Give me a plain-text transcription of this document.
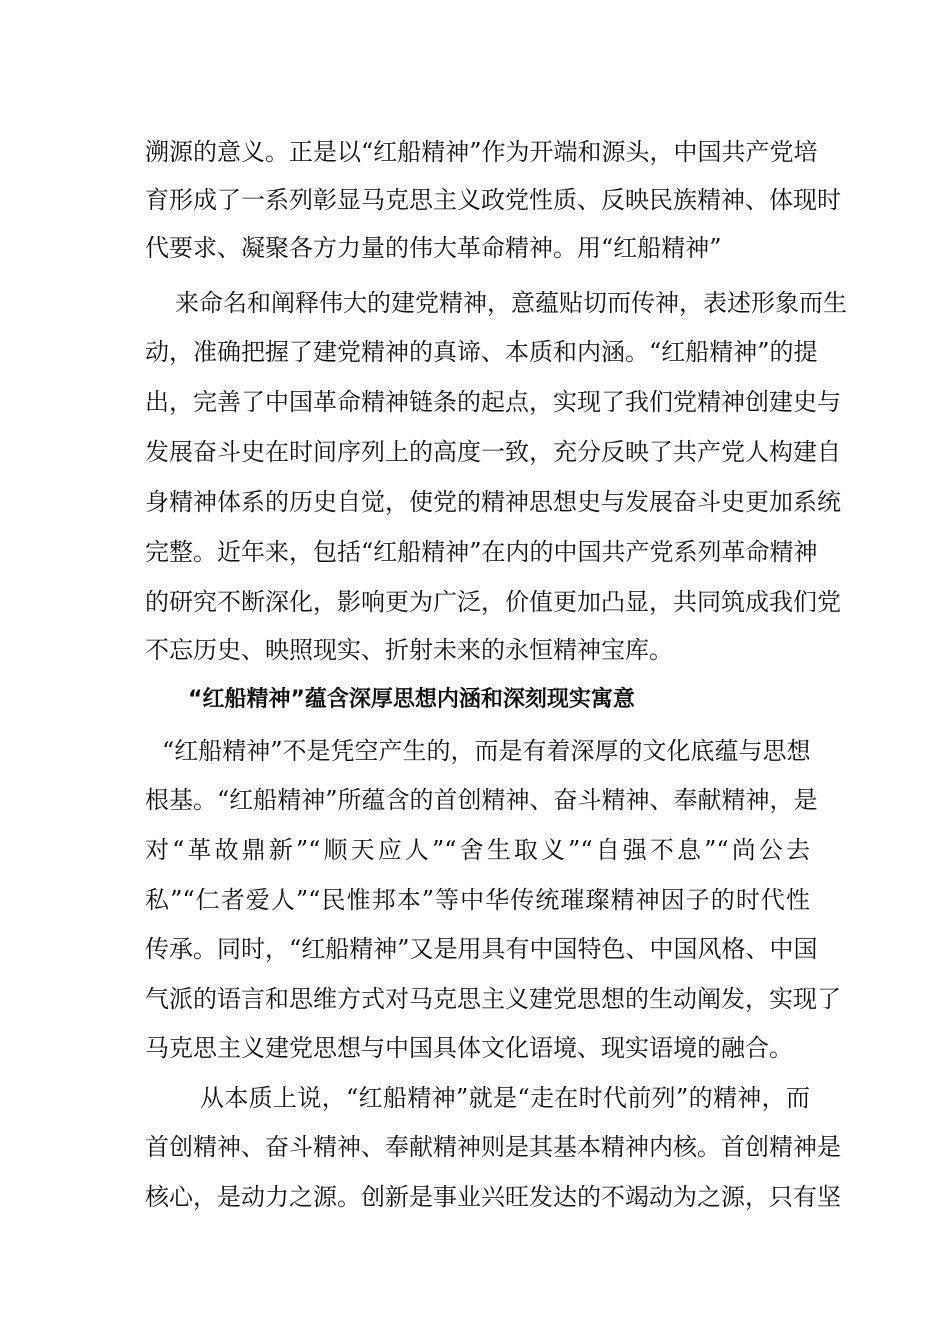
溯源的意义。正是以“红船精神”作为开端和源头，中国共产党培
育形成了一系列彰显马克思主义政党性质、反映民族精神、体现时
代要求、凝聚各方力量的伟大革命精神。用“红船精神”
来命名和阐释伟大的建党精神，意蕴贴切而传神，表述形象而生
动，准确把握了建党精神的真谛、本质和内涵。“红船精神”的提
出，完善了中国革命精神链条的起点，实现了我们党精神创建史与
发展奋斗史在时间序列上的高度一致，充分反映了共产党人构建自
身精神体系的历史自觉，使党的精神思想史与发展奋斗史更加系统
完整。近年来，包括“红船精神”在内的中国共产党系列革命精神
的研究不断深化，影响更为广泛，价值更加凸显，共同筑成我们党
不忘历史、映照现实、折射未来的永恒精神宝库。
“红船精神”蕴含深厚思想内涵和深刻现实寓意
“红船精神”不是凭空产生的，而是有着深厚的文化底蕴与思想
根基。“红船精神”所蕴含的首创精神、奋斗精神、奉献精神，是
对“革故鼎新”“顺天应人”“舍生取义”“自强不息”“尚公去
私”“仁者爱人”“民惟邦本”等中华传统璀璨精神因子的时代性
传承。同时，“红船精神”又是用具有中国特色、中国风格、中国
气派的语言和思维方式对马克思主义建党思想的生动阐发，实现了
马克思主义建党思想与中国具体文化语境、现实语境的融合。
从本质上说，“红船精神”就是“走在时代前列”的精神，而
首创精神、奋斗精神、奉献精神则是其基本精神内核。首创精神是
核心，是动力之源。创新是事业兴旺发达的不竭动为之源，只有坚
